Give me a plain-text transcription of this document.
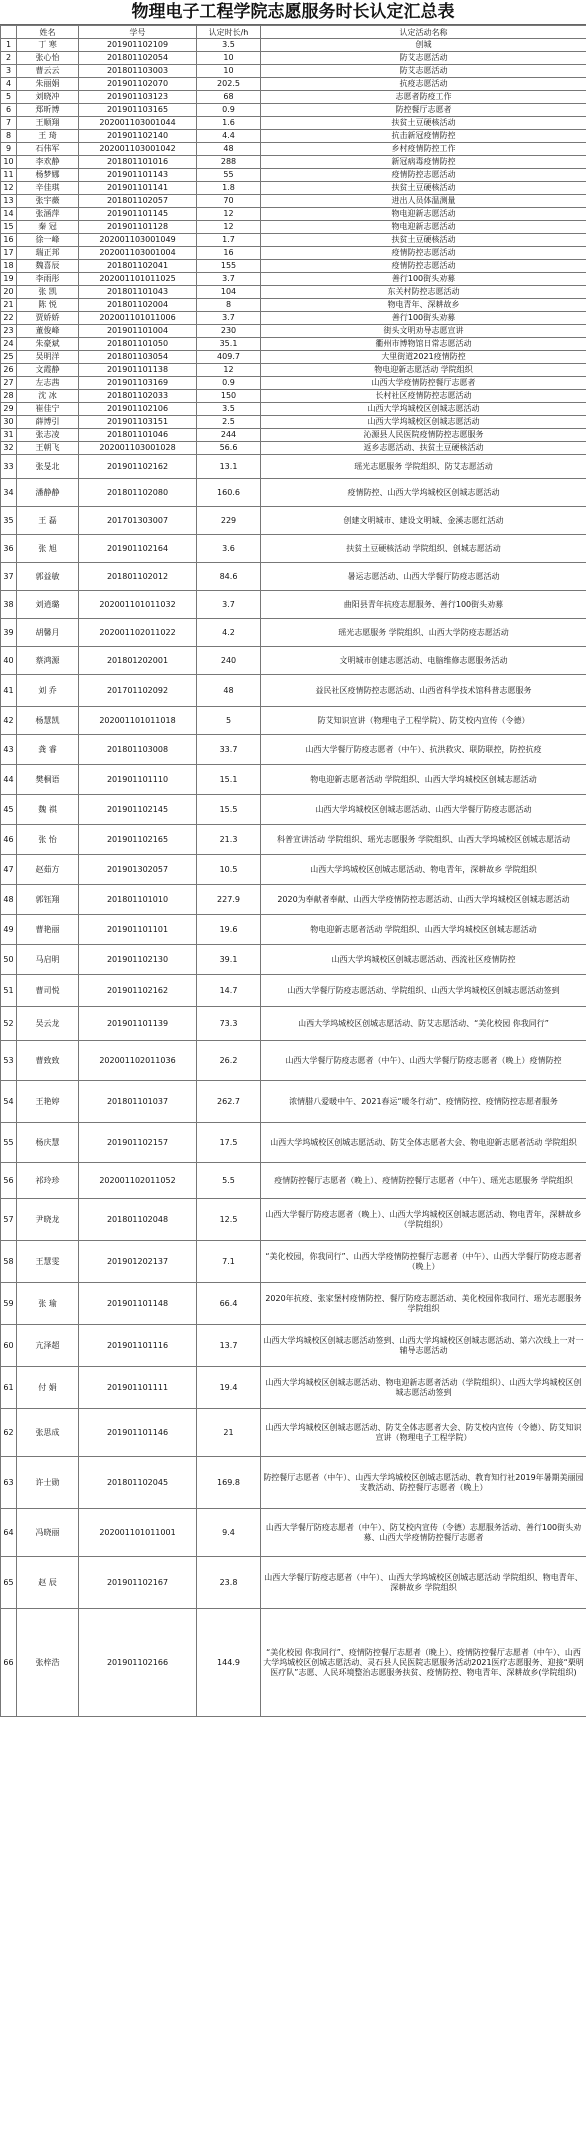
物理电子工程学院志愿服务时长认定汇总表
	姓名	学号	认定时长/h	认定活动名称
1	丁 寒	201901102109	3.5	创城
2	张心怡	201801102054	10	防艾志愿活动
3	曹云云	201801103003	10	防艾志愿活动
4	朱丽娟	201901102070	202.5	抗疫志愿活动
5	刘晓冲	201901103123	68	志愿者防疫工作
6	郑昕博	201901103165	0.9	防控餐厅志愿者
7	王顺翔	202001103001044	1.6	扶贫土豆硬核活动
8	王 琦	201901102140	4.4	抗击新冠疫情防控
9	石伟军	202001103001042	48	乡村疫情防控工作
10	李欢静	201801101016	288	新冠病毒疫情防控
11	杨梦娜	201901101143	55	疫情防控志愿活动
12	辛佳琪	201901101141	1.8	扶贫土豆硬核活动
13	张宇薇	201801102057	70	进出人员体温测量
14	张涵萍	201901101145	12	物电迎新志愿活动
15	秦 冠	201901101128	12	物电迎新志愿活动
16	徐一峰	202001103001049	1.7	扶贫土豆硬核活动
17	瑞正邦	202001103001004	16	疫情防控志愿活动
18	魏喜辰	201801102041	155	疫情防控志愿活动
19	李雨彤	202001101011025	3.7	善行100街头劝募
20	张 凯	201801101043	104	东关村防控志愿活动
21	陈 悦	201801102004	8	物电青年、深耕故乡
22	贾娇娇	202001101011006	3.7	善行100街头劝募
23	董俊峰	201901101004	230	街头文明劝导志愿宣讲
24	朱豪斌	201801101050	35.1	衢州市博物馆日常志愿活动
25	吴明洋	201801103054	409.7	大里街道2021疫情防控
26	文霞静	201901101138	12	物电迎新志愿活动 学院组织
27	左志茜	201901103169	0.9	山西大学疫情防控餐厅志愿者
28	沈 冰	201801102033	150	长村社区疫情防控志愿活动
29	崔佳宁	201901102106	3.5	山西大学坞城校区创城志愿活动
30	薛博引	201901103151	2.5	山西大学坞城校区创城志愿活动
31	张志凌	201801101046	244	沁源县人民医院疫情防控志愿服务
32	王朝飞	202001103001028	56.6	返乡志愿活动、扶贫土豆硬核活动
33	张旻北	201901102162	13.1	瑶光志愿服务 学院组织、防艾志愿活动
34	潘静静	201801102080	160.6	疫情防控、山西大学坞城校区创城志愿活动
35	王 磊	201701303007	229	创建文明城市、建设文明城、金溪志愿红活动
36	张 旭	201901102164	3.6	扶贫土豆硬核活动 学院组织、创城志愿活动
37	郭益敏	201801102012	84.6	暑运志愿活动、山西大学餐厅防疫志愿活动
38	刘逍璐	202001101011032	3.7	曲阳县青年抗疫志愿服务、善行100街头劝募
39	胡馨月	202001102011022	4.2	瑶光志愿服务 学院组织、山西大学防疫志愿活动
40	蔡鸿源	201801202001	240	文明城市创建志愿活动、电脑维修志愿服务活动
41	刘 乔	201701102092	48	益民社区疫情防控志愿活动、山西省科学技术馆科普志愿服务
42	杨慧凯	202001101011018	5	防艾知识宣讲（物理电子工程学院）、防艾校内宣传（令德）
43	龚 睿	201801103008	33.7	山西大学餐厅防疫志愿者（中午）、抗洪救灾、联防联控，防控抗疫
44	樊桐语	201901101110	15.1	物电迎新志愿者活动 学院组织、山西大学坞城校区创城志愿活动
45	魏 祺	201901102145	15.5	山西大学坞城校区创城志愿活动、山西大学餐厅防疫志愿活动
46	张 怡	201901102165	21.3	科普宣讲活动 学院组织、瑶光志愿服务 学院组织、山西大学坞城校区创城志愿活动
47	赵茹方	201901302057	10.5	山西大学坞城校区创城志愿活动、物电青年，深耕故乡 学院组织
48	郭钰翔	201801101010	227.9	2020为奉献者奉献、山西大学疫情防控志愿活动、山西大学坞城校区创城志愿活动
49	曹艳丽	201901101101	19.6	物电迎新志愿者活动 学院组织、山西大学坞城校区创城志愿活动
50	马启明	201901102130	39.1	山西大学坞城校区创城志愿活动、西流社区疫情防控
51	曹司悦	201901102162	14.7	山西大学餐厅防疫志愿活动、学院组织、山西大学坞城校区创城志愿活动签到
52	吴云龙	201901101139	73.3	山西大学坞城校区创城志愿活动、防艾志愿活动、“美化校园 你我同行”
53	曹致致	202001102011036	26.2	山西大学餐厅防疫志愿者（中午）、山西大学餐厅防疫志愿者（晚上）疫情防控
54	王艳婷	201801101037	262.7	浓情腊八爱暖中午、2021春运“暖冬行动”、疫情防控、疫情防控志愿者服务
55	杨庆慧	201901102157	17.5	山西大学坞城校区创城志愿活动、防艾全体志愿者大会、物电迎新志愿者活动 学院组织
56	祁玲珍	202001102011052	5.5	疫情防控餐厅志愿者（晚上）、疫情防控餐厅志愿者（中午）、瑶光志愿服务 学院组织
57	尹晓龙	201801102048	12.5	山西大学餐厅防疫志愿者（晚上）、山西大学坞城校区创城志愿活动、物电青年，深耕故乡（学院组织）
58	王慧雯	201901202137	7.1	“美化校园，你我同行”、山西大学疫情防控餐厅志愿者（中午）、山西大学餐厅防疫志愿者（晚上）
59	张 瑜	201901101148	66.4	2020年抗疫、张家堡村疫情防控、餐厅防疫志愿活动、美化校园你我同行、瑶光志愿服务 学院组织
60	亢泽超	201901101116	13.7	山西大学坞城校区创城志愿活动签到、山西大学坞城校区创城志愿活动、第六次线上一对一辅导志愿活动
61	付 娟	201901101111	19.4	山西大学坞城校区创城志愿活动、物电迎新志愿者活动（学院组织）、山西大学坞城校区创城志愿活动签到
62	张思成	201901101146	21	山西大学坞城校区创城志愿活动、防艾全体志愿者大会、防艾校内宣传（令德）、防艾知识宣讲（物理电子工程学院）
63	许士勋	201801102045	169.8	防控餐厅志愿者（中午）、山西大学坞城校区创城志愿活动、教育知行社2019年暑期美丽园支教活动、防控餐厅志愿者（晚上）
64	冯晓丽	202001101011001	9.4	山西大学餐厅防疫志愿者（中午）、防艾校内宣传（令德）志愿服务活动、善行100街头劝募、山西大学疫情防控餐厅志愿者
65	赵 辰	201901102167	23.8	山西大学餐厅防疫志愿者（中午）、山西大学坞城校区创城志愿活动 学院组织、物电青年、深耕故乡 学院组织
66	张梓浩	201901102166	144.9	“美化校园 你我同行”、疫情防控餐厅志愿者（晚上）、疫情防控餐厅志愿者（中午）、山西大学坞城校区创城志愿活动、灵石县人民医院志愿服务活动2021医疗志愿服务、迎接“栗明医疗队”志愿、人民环境整治志愿服务扶贫、疫情防控、物电青年、深耕故乡(学院组织)
